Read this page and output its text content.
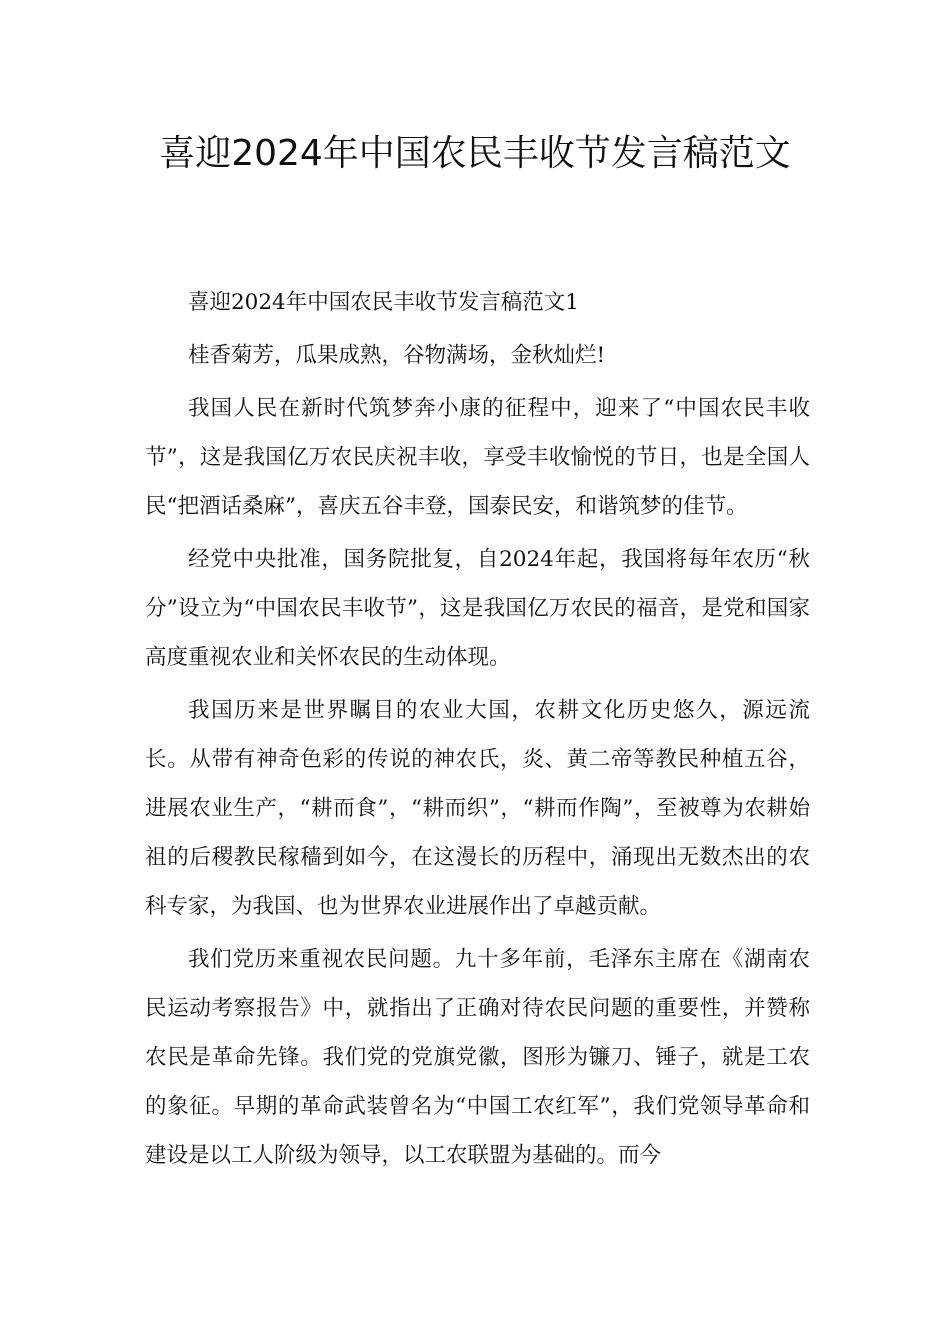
喜迎2024年中国农民丰收节发言稿范文

喜迎2024年中国农民丰收节发言稿范文1

桂香菊芳，瓜果成熟，谷物满场，金秋灿烂!

我国人民在新时代筑梦奔小康的征程中，迎来了“中国农民丰收节”，这是我国亿万农民庆祝丰收，享受丰收愉悦的节日，也是全国人民“把酒话桑麻”，喜庆五谷丰登，国泰民安，和谐筑梦的佳节。

经党中央批准，国务院批复，自2024年起，我国将每年农历“秋分”设立为“中国农民丰收节”，这是我国亿万农民的福音，是党和国家高度重视农业和关怀农民的生动体现。

我国历来是世界瞩目的农业大国，农耕文化历史悠久，源远流长。从带有神奇色彩的传说的神农氏，炎、黄二帝等教民种植五谷，进展农业生产，“耕而食”，“耕而织”，“耕而作陶”，至被尊为农耕始祖的后稷教民稼穑到如今，在这漫长的历程中，涌现出无数杰出的农科专家，为我国、也为世界农业进展作出了卓越贡献。

我们党历来重视农民问题。九十多年前，毛泽东主席在《湖南农民运动考察报告》中，就指出了正确对待农民问题的重要性，并赞称农民是革命先锋。我们党的党旗党徽，图形为镰刀、锤子，就是工农的象征。早期的革命武装曾名为“中国工农红军”，我们党领导革命和建设是以工人阶级为领导，以工农联盟为基础的。而今
